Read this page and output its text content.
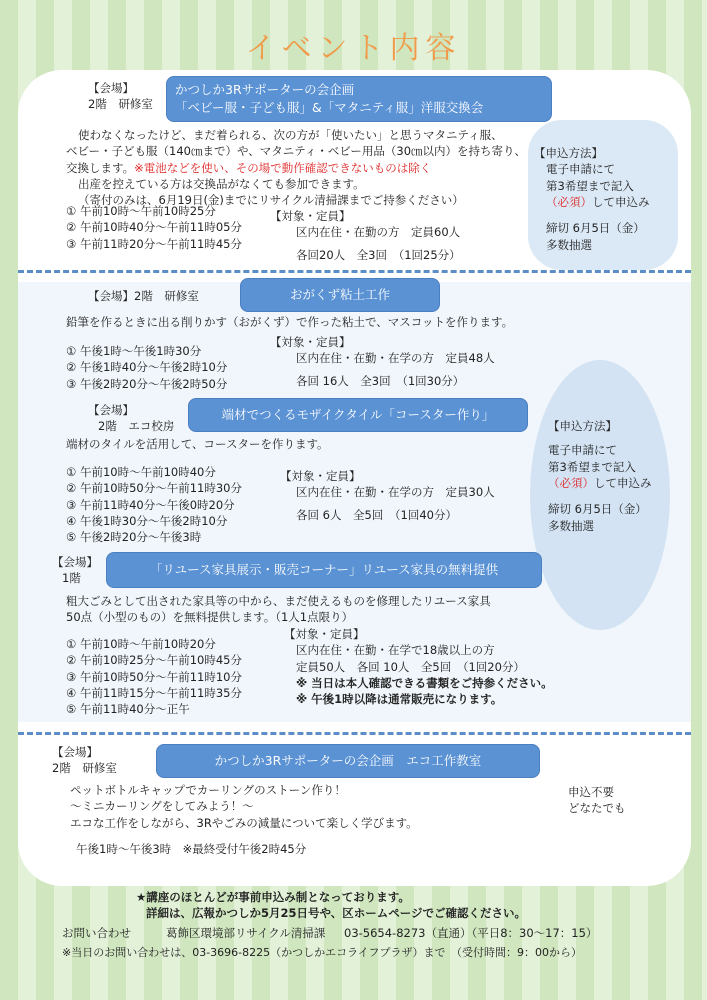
イベント内容
【会場】
2階　研修室
かつしか3Rサポーターの会企画
「ベビー服・子ども服」&「マタニティ服」洋服交換会
使わなくなったけど、まだ着られる、次の方が「使いたい」と思うマタニティ服、
ベビー・子ども服（140㎝まで）や、マタニティ・ベビー用品（30㎝以内）を持ち寄り、
交換します。※電池などを使い、その場で動作確認できないものは除く
出産を控えている方は交換品がなくても参加できます。
（寄付のみは、6月19日(金)までにリサイクル清掃課までご持参ください）
① 午前10時～午前10時25分
② 午前10時40分～午前11時05分
③ 午前11時20分～午前11時45分
【対象・定員】
区内在住・在勤の方　定員60人
各回20人　全3回　（1回25分）
【申込方法】
電子申請にて
第3希望まで記入
（必須）して申込み
締切 6月5日（金）
多数抽選
【会場】2階　研修室	おがくず粘土工作
鉛筆を作るときに出る削りかす（おがくず）で作った粘土で、マスコットを作ります。
① 午後1時～午後1時30分
② 午後1時40分～午後2時10分
③ 午後2時20分～午後2時50分
【対象・定員】
区内在住・在勤・在学の方　定員48人
各回 16人　全3回　（1回30分）
【会場】
2階　エコ校房
端材でつくるモザイクタイル「コースター作り」
端材のタイルを活用して、コースターを作ります。
① 午前10時～午前10時40分
② 午前10時50分～午前11時30分
③ 午前11時40分～午後0時20分
④ 午後1時30分～午後2時10分
⑤ 午後2時20分～午後3時
【対象・定員】
区内在住・在勤・在学の方　定員30人
各回 6人　全5回　（1回40分）
【申込方法】
電子申請にて
第3希望まで記入
（必須）して申込み
締切 6月5日（金）
多数抽選
【会場】
1階
「リユース家具展示・販売コーナー」リユース家具の無料提供
粗大ごみとして出された家具等の中から、まだ使えるものを修理したリユース家具
50点（小型のもの）を無料提供します。（1人1点限り）
① 午前10時～午前10時20分
② 午前10時25分～午前10時45分
③ 午前10時50分～午前11時10分
④ 午前11時15分～午前11時35分
⑤ 午前11時40分～正午
【対象・定員】
区内在住・在勤・在学で18歳以上の方
定員50人　各回 10人　全5回　（1回20分）
※ 当日は本人確認できる書類をご持参ください。
※ 午後1時以降は通常販売になります。
【会場】
2階　研修室	かつしか3Rサポーターの会企画　エコ工作教室
ペットボトルキャップでカーリングのストーン作り！
～ミニカーリングをしてみよう！～
エコな工作をしながら、3Rやごみの減量について楽しく学びます。
午後1時～午後3時　※最終受付午後2時45分
申込不要
どなたでも
★講座のほとんどが事前申込み制となっております。
詳細は、広報かつしか5月25日号や、区ホームページでご確認ください。
お問い合わせ	葛飾区環境部リサイクル清掃課 03-5654-8273（直通）（平日8：30～17：15）
※当日のお問い合わせは、03-3696-8225（かつしかエコライフプラザ）まで　（受付時間：9：00から）
